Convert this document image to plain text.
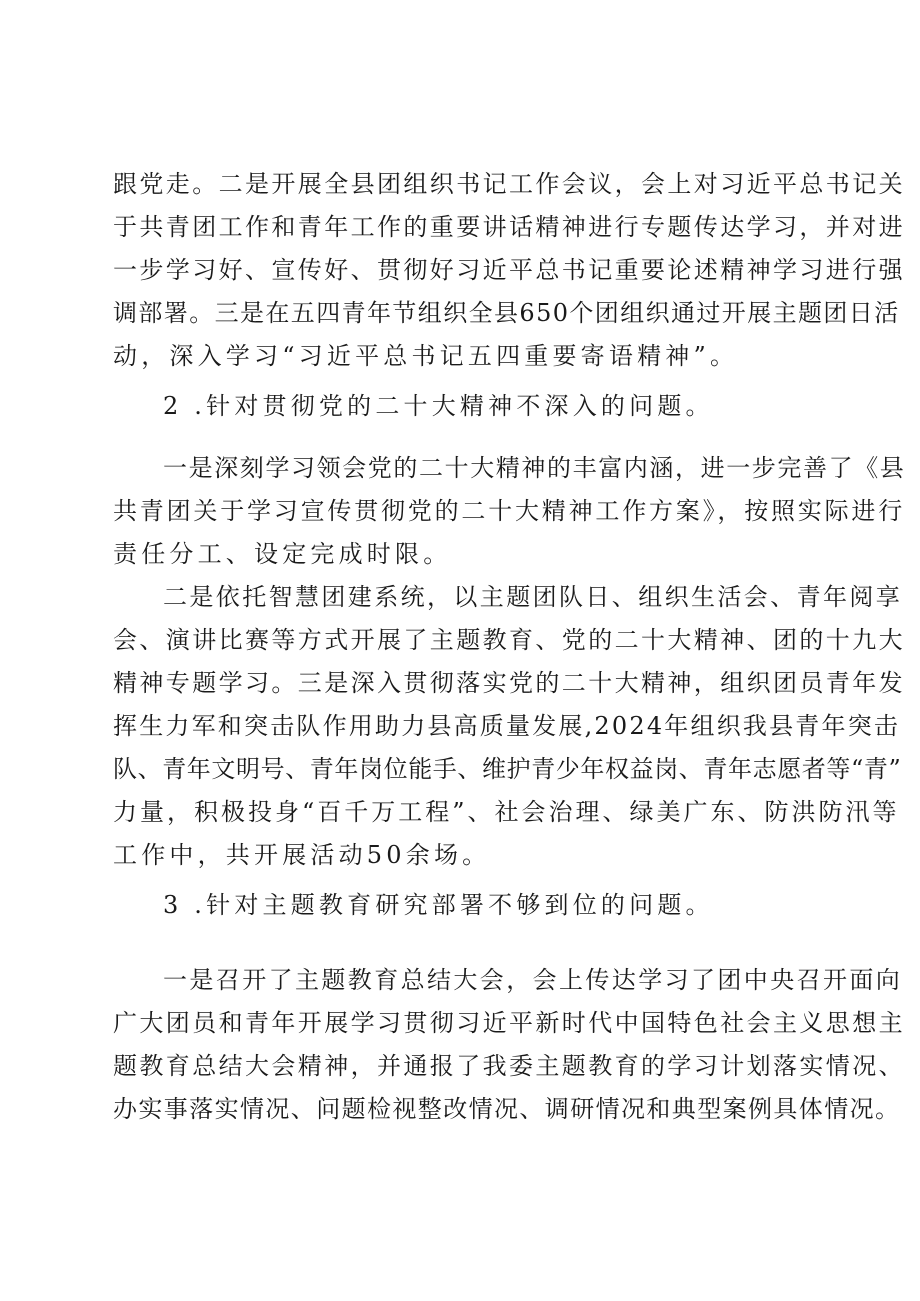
跟党走。二是开展全县团组织书记工作会议，会上对习近平总书记关

于共青团工作和青年工作的重要讲话精神进行专题传达学习，并对进

一步学习好、宣传好、贯彻好习近平总书记重要论述精神学习进行强

调部署。三是在五四青年节组织全县650个团组织通过开展主题团日活

动，深入学习“习近平总书记五四重要寄语精神”。

2 .针对贯彻党的二十大精神不深入的问题。

一是深刻学习领会党的二十大精神的丰富内涵，进一步完善了《县

共青团关于学习宣传贯彻党的二十大精神工作方案》，按照实际进行

责任分工、设定完成时限。

二是依托智慧团建系统，以主题团队日、组织生活会、青年阅享

会、演讲比赛等方式开展了主题教育、党的二十大精神、团的十九大

精神专题学习。三是深入贯彻落实党的二十大精神，组织团员青年发

挥生力军和突击队作用助力县高质量发展,2024年组织我县青年突击

队、青年文明号、青年岗位能手、维护青少年权益岗、青年志愿者等“青”

力量，积极投身“百千万工程”、社会治理、绿美广东、防洪防汛等

工作中，共开展活动50余场。

3 .针对主题教育研究部署不够到位的问题。

一是召开了主题教育总结大会，会上传达学习了团中央召开面向

广大团员和青年开展学习贯彻习近平新时代中国特色社会主义思想主

题教育总结大会精神，并通报了我委主题教育的学习计划落实情况、

办实事落实情况、问题检视整改情况、调研情况和典型案例具体情况。
